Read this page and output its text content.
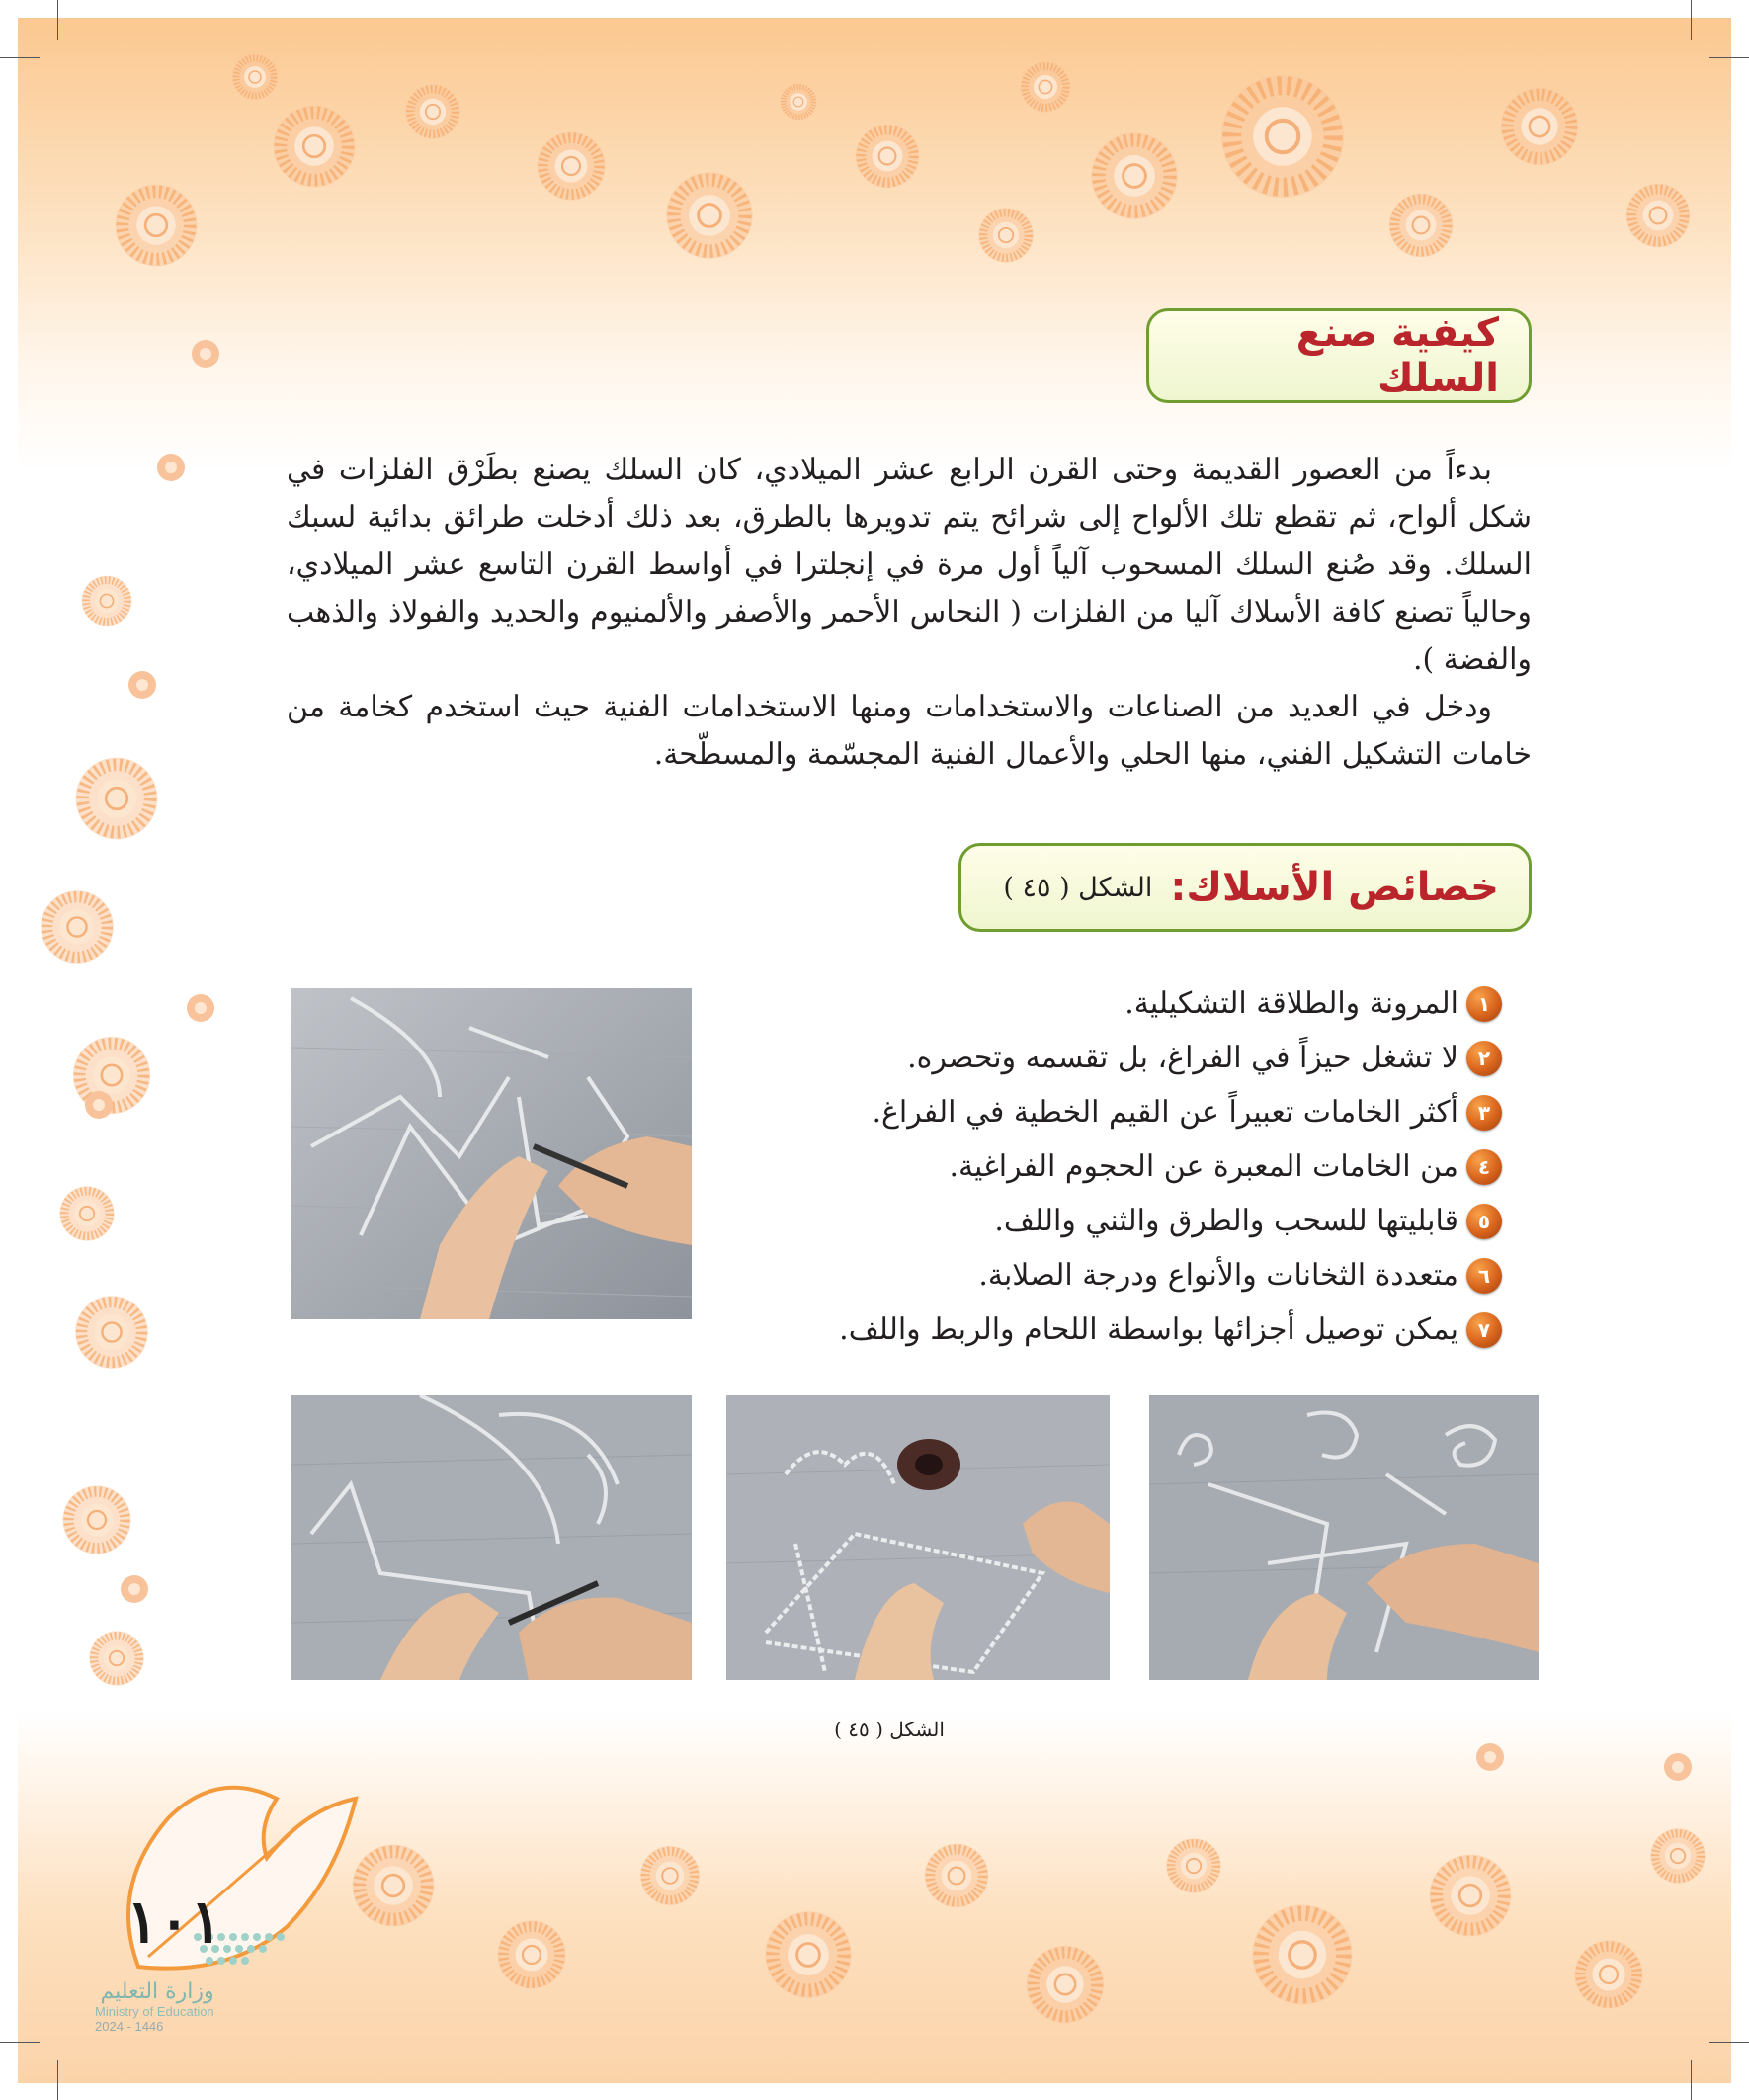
كيفية صنع السلك

بدءاً من العصور القديمة وحتى القرن الرابع عشر الميلادي، كان السلك يصنع بطَرْق الفلزات في شكل ألواح، ثم تقطع تلك الألواح إلى شرائح يتم تدويرها بالطرق، بعد ذلك أدخلت طرائق بدائية لسبك السلك. وقد صُنع السلك المسحوب آلياً أول مرة في إنجلترا في أواسط القرن التاسع عشر الميلادي، وحالياً تصنع كافة الأسلاك آليا من الفلزات ( النحاس الأحمر والأصفر والألمنيوم والحديد والفولاذ والذهب والفضة ).

ودخل في العديد من الصناعات والاستخدامات ومنها الاستخدامات الفنية حيث استخدم كخامة من خامات التشكيل الفني، منها الحلي والأعمال الفنية المجسّمة والمسطّحة.

خصائص الأسلاك:
الشكل ( ٤٥ )
١
المرونة والطلاقة التشكيلية.
٢
لا تشغل حيزاً في الفراغ، بل تقسمه وتحصره.
٣
أكثر الخامات تعبيراً عن القيم الخطية في الفراغ.
٤
من الخامات المعبرة عن الحجوم الفراغية.
٥
قابليتها للسحب والطرق والثني واللف.
٦
متعددة الثخانات والأنواع ودرجة الصلابة.
٧
يمكن توصيل أجزائها بواسطة اللحام والربط واللف.
الشكل ( ٤٥ )
١٠١
وزارة التعليم
Ministry of Education
2024 - 1446
